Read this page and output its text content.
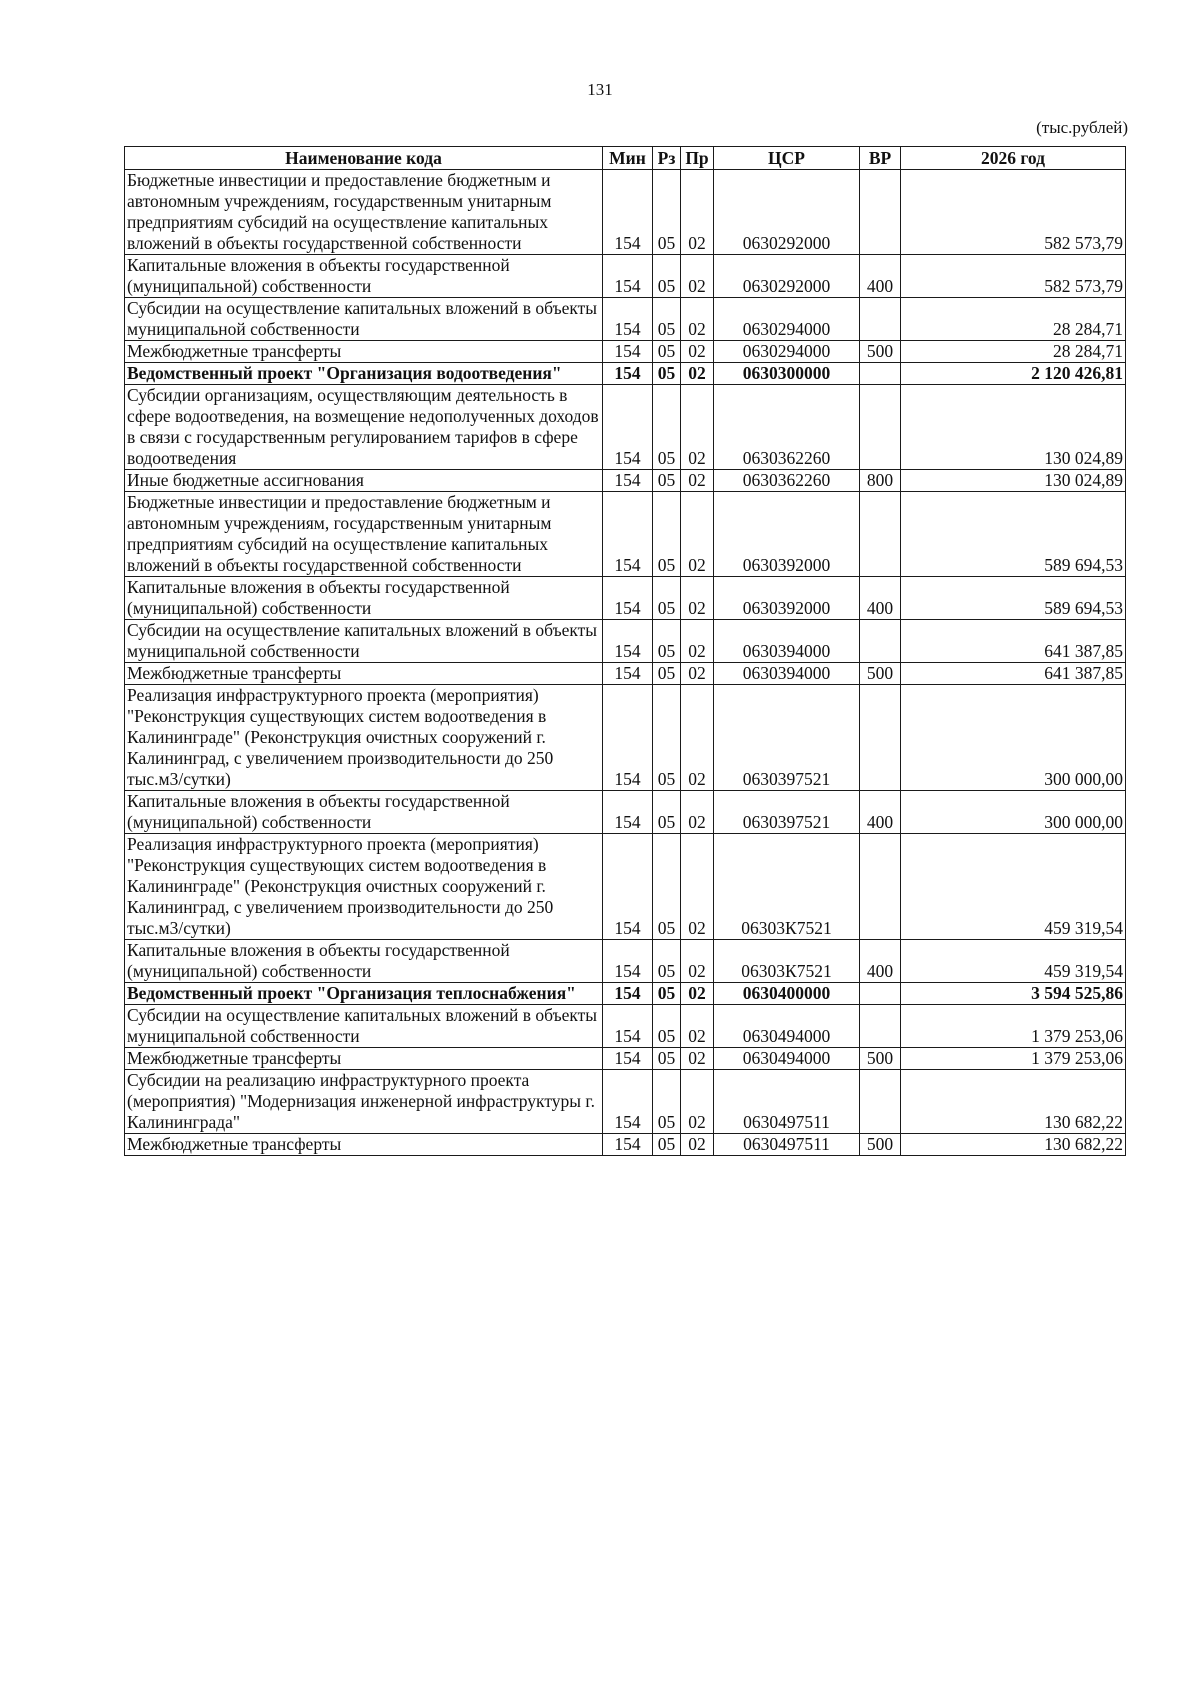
131
(тыс.рублей)
Наименование кода	Мин	Рз	Пр	ЦСР	ВР	2026 год
Бюджетные инвестиции и предоставление бюджетным и автономным учреждениям, государственным унитарным предприятиям субсидий на осуществление капитальных вложений в объекты государственной собственности	154	05	02	0630292000		582 573,79
Капитальные вложения в объекты государственной (муниципальной) собственности	154	05	02	0630292000	400	582 573,79
Субсидии на осуществление капитальных вложений в объекты муниципальной собственности	154	05	02	0630294000		28 284,71
Межбюджетные трансферты	154	05	02	0630294000	500	28 284,71
Ведомственный проект "Организация водоотведения"	154	05	02	0630300000		2 120 426,81
Субсидии организациям, осуществляющим деятельность в сфере водоотведения, на возмещение недополученных доходов в связи с государственным регулированием тарифов в сфере водоотведения	154	05	02	0630362260		130 024,89
Иные бюджетные ассигнования	154	05	02	0630362260	800	130 024,89
Бюджетные инвестиции и предоставление бюджетным и автономным учреждениям, государственным унитарным предприятиям субсидий на осуществление капитальных вложений в объекты государственной собственности	154	05	02	0630392000		589 694,53
Капитальные вложения в объекты государственной (муниципальной) собственности	154	05	02	0630392000	400	589 694,53
Субсидии на осуществление капитальных вложений в объекты муниципальной собственности	154	05	02	0630394000		641 387,85
Межбюджетные трансферты	154	05	02	0630394000	500	641 387,85
Реализация инфраструктурного проекта (мероприятия) "Реконструкция существующих систем водоотведения в Калининграде" (Реконструкция очистных сооружений г. Калининград, с увеличением производительности до 250 тыс.м3/сутки)	154	05	02	0630397521		300 000,00
Капитальные вложения в объекты государственной (муниципальной) собственности	154	05	02	0630397521	400	300 000,00
Реализация инфраструктурного проекта (мероприятия) "Реконструкция существующих систем водоотведения в Калининграде" (Реконструкция очистных сооружений г. Калининград, с увеличением производительности до 250 тыс.м3/сутки)	154	05	02	06303К7521		459 319,54
Капитальные вложения в объекты государственной (муниципальной) собственности	154	05	02	06303К7521	400	459 319,54
Ведомственный проект "Организация теплоснабжения"	154	05	02	0630400000		3 594 525,86
Субсидии на осуществление капитальных вложений в объекты муниципальной собственности	154	05	02	0630494000		1 379 253,06
Межбюджетные трансферты	154	05	02	0630494000	500	1 379 253,06
Субсидии на реализацию инфраструктурного проекта (мероприятия) "Модернизация инженерной инфраструктуры г. Калининграда"	154	05	02	0630497511		130 682,22
Межбюджетные трансферты	154	05	02	0630497511	500	130 682,22
